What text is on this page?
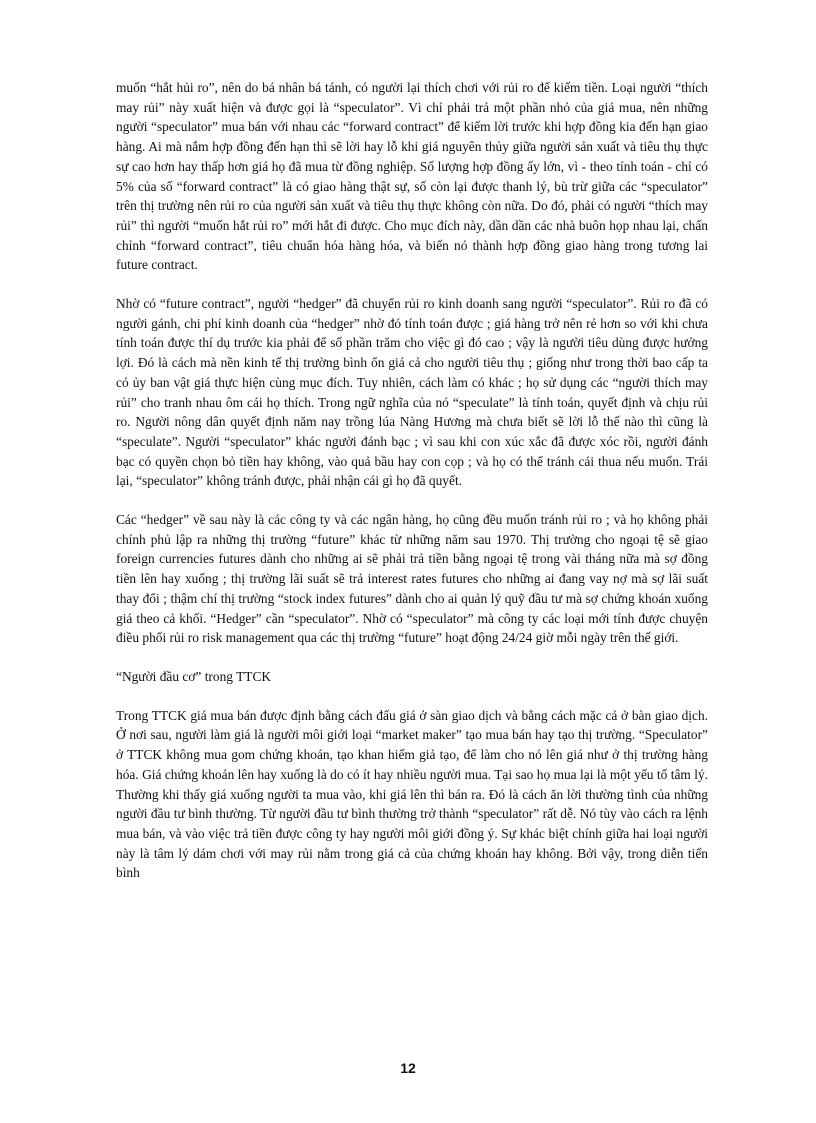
muốn “hắt hủi ro”, nên do bá nhân bá tánh, có người lại thích chơi với rủi ro để kiếm tiền. Loại người “thích may rủi” này xuất hiện và được gọi là “speculator”. Vì chỉ phải trả một phần nhỏ của giá mua, nên những người “speculator” mua bán với nhau các “forward contract” để kiếm lời trước khi hợp đồng kia đến hạn giao hàng. Ai mà nắm hợp đồng đến hạn thì sẽ lời hay lỗ khi giá nguyên thủy giữa người sản xuất và tiêu thụ thực sự cao hơn hay thấp hơn giá họ đã mua từ đồng nghiệp. Số lượng hợp đồng ấy lớn, vì - theo tính toán - chỉ có 5% của số “forward contract” là có giao hàng thật sự, số còn lại được thanh lý, bù trừ giữa các “speculator” trên thị trường nên rủi ro của người sản xuất và tiêu thụ thực không còn nữa. Do đó, phải có người “thích may rủi” thì người “muốn hắt rủi ro” mới hắt đi được. Cho mục đích này, dần dần các nhà buôn họp nhau lại, chấn chỉnh “forward contract”, tiêu chuẩn hóa hàng hóa, và biến nó thành hợp đồng giao hàng trong tương lai future contract.

Nhờ có “future contract”, người “hedger” đã chuyển rủi ro kinh doanh sang người “speculator”. Rủi ro đã có người gánh, chi phí kinh doanh của “hedger” nhờ đó tính toán được ; giá hàng trở nên rẻ hơn so với khi chưa tính toán được thí dụ trước kia phải để số phần trăm cho việc gì đó cao ; vậy là người tiêu dùng được hưởng lợi. Đó là cách mà nền kinh tế thị trường bình ổn giá cả cho người tiêu thụ ; giống như trong thời bao cấp ta có ủy ban vật giá thực hiện cùng mục đích. Tuy nhiên, cách làm có khác ; họ sử dụng các “người thích may rủi” cho tranh nhau ôm cái họ thích. Trong ngữ nghĩa của nó “speculate” là tính toán, quyết định và chịu rủi ro. Người nông dân quyết định năm nay trồng lúa Nàng Hương mà chưa biết sẽ lời lỗ thế nào thì cũng là “speculate”. Người “speculator” khác người đánh bạc ; vì sau khi con xúc xắc đã được xóc rồi, người đánh bạc có quyền chọn bỏ tiền hay không, vào quả bầu hay con cọp ; và họ có thể tránh cái thua nếu muốn. Trái lại, “speculator” không tránh được, phải nhận cái gì họ đã quyết.

Các “hedger” về sau này là các công ty và các ngân hàng, họ cũng đều muốn tránh rủi ro ; và họ không phải chính phủ lập ra những thị trường “future” khác từ những năm sau 1970. Thị trường cho ngoại tệ sẽ giao foreign currencies futures dành cho những ai sẽ phải trả tiền bằng ngoại tệ trong vài tháng nữa mà sợ đồng tiền lên hay xuống ; thị trường lãi suất sẽ trả interest rates futures cho những ai đang vay nợ mà sợ lãi suất thay đổi ; thậm chí thị trường “stock index futures” dành cho ai quản lý quỹ đầu tư mà sợ chứng khoán xuống giá theo cả khối. “Hedger” cần “speculator”. Nhờ có “speculator” mà công ty các loại mới tính được chuyện điều phối rủi ro risk management qua các thị trường “future” hoạt động 24/24 giờ mỗi ngày trên thế giới.

“Người đầu cơ” trong TTCK

Trong TTCK giá mua bán được định bằng cách đấu giá ở sàn giao dịch và bằng cách mặc cả ở bàn giao dịch. Ở nơi sau, người làm giá là người môi giới loại “market maker” tạo mua bán hay tạo thị trường. “Speculator” ở TTCK không mua gom chứng khoán, tạo khan hiếm giả tạo, để làm cho nó lên giá như ở thị trường hàng hóa. Giá chứng khoán lên hay xuống là do có ít hay nhiều người mua. Tại sao họ mua lại là một yếu tố tâm lý. Thường khi thấy giá xuống người ta mua vào, khi giá lên thì bán ra. Đó là cách ăn lời thường tình của những người đầu tư bình thường. Từ người đầu tư bình thường trở thành “speculator” rất dễ. Nó tùy vào cách ra lệnh mua bán, và vào việc trả tiền được công ty hay người môi giới đồng ý. Sự khác biệt chính giữa hai loại người này là tâm lý dám chơi với may rủi nằm trong giá cả của chứng khoán hay không. Bởi vậy, trong diễn tiến bình

12
